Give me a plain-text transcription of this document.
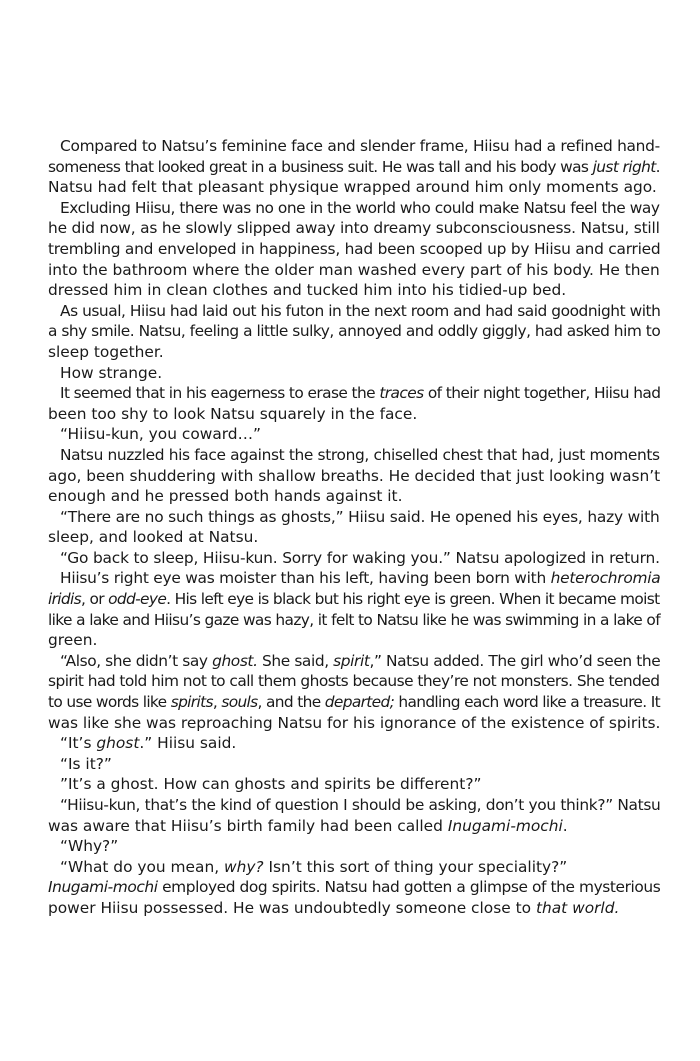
Compared to Natsu’s feminine face and slender frame, Hiisu had a refined hand-
someness that looked great in a business suit. He was tall and his body was just right.
Natsu had felt that pleasant physique wrapped around him only moments ago.
Excluding Hiisu, there was no one in the world who could make Natsu feel the way
he did now, as he slowly slipped away into dreamy subconsciousness. Natsu, still
trembling and enveloped in happiness, had been scooped up by Hiisu and carried
into the bathroom where the older man washed every part of his body. He then
dressed him in clean clothes and tucked him into his tidied-up bed.
As usual, Hiisu had laid out his futon in the next room and had said goodnight with
a shy smile. Natsu, feeling a little sulky, annoyed and oddly giggly, had asked him to
sleep together.
How strange.
It seemed that in his eagerness to erase the traces of their night together, Hiisu had
been too shy to look Natsu squarely in the face.
“Hiisu-kun, you coward…”
Natsu nuzzled his face against the strong, chiselled chest that had, just moments
ago, been shuddering with shallow breaths. He decided that just looking wasn’t
enough and he pressed both hands against it.
“There are no such things as ghosts,” Hiisu said. He opened his eyes, hazy with
sleep, and looked at Natsu.
“Go back to sleep, Hiisu-kun. Sorry for waking you.” Natsu apologized in return.
Hiisu’s right eye was moister than his left, having been born with heterochromia
iridis, or odd-eye. His left eye is black but his right eye is green. When it became moist
like a lake and Hiisu’s gaze was hazy, it felt to Natsu like he was swimming in a lake of
green.
“Also, she didn’t say ghost. She said, spirit,” Natsu added. The girl who’d seen the
spirit had told him not to call them ghosts because they’re not monsters. She tended
to use words like spirits, souls, and the departed; handling each word like a treasure. It
was like she was reproaching Natsu for his ignorance of the existence of spirits.
“It’s ghost.” Hiisu said.
“Is it?”
”It’s a ghost. How can ghosts and spirits be different?”
“Hiisu-kun, that’s the kind of question I should be asking, don’t you think?” Natsu
was aware that Hiisu’s birth family had been called Inugami-mochi.
“Why?”
“What do you mean, why? Isn’t this sort of thing your speciality?”
Inugami-mochi employed dog spirits. Natsu had gotten a glimpse of the mysterious
power Hiisu possessed. He was undoubtedly someone close to that world.
